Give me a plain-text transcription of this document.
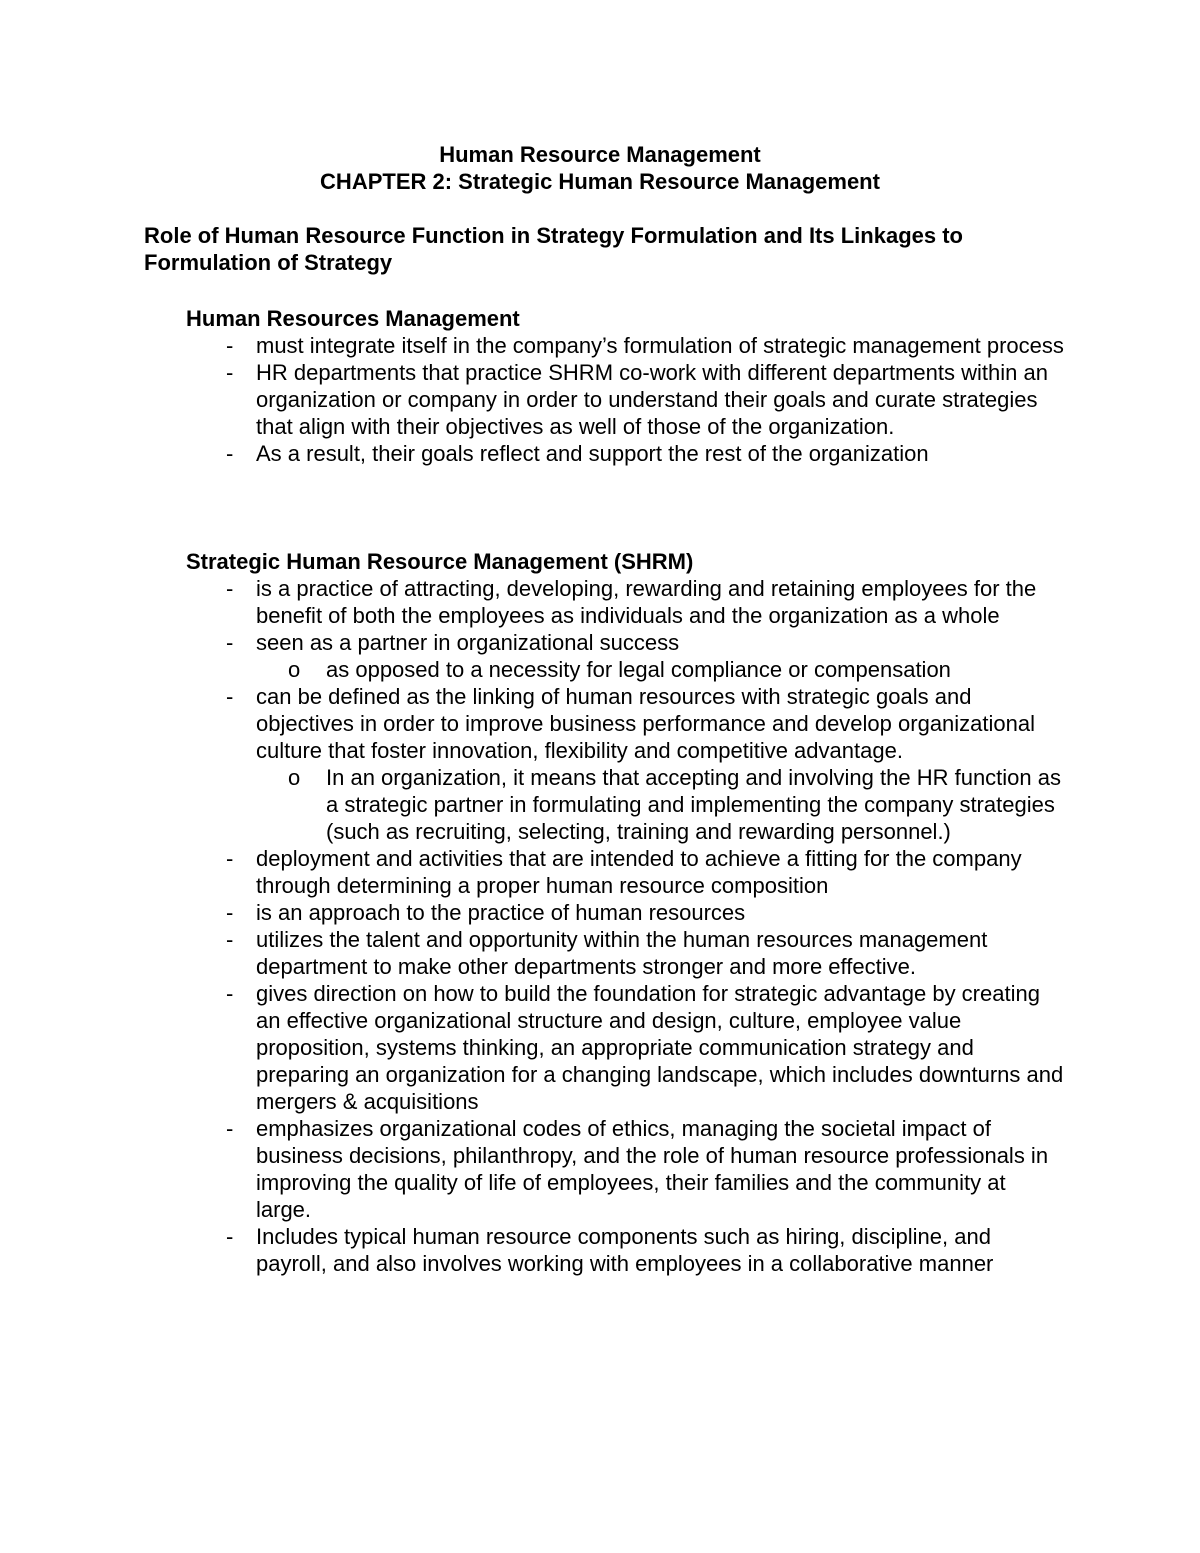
Human Resource Management
CHAPTER 2: Strategic Human Resource Management
Role of Human Resource Function in Strategy Formulation and Its Linkages to Formulation of Strategy

Human Resources Management

- must integrate itself in the company’s formulation of strategic management process
- HR departments that practice SHRM co-work with different departments within an organization or company in order to understand their goals and curate strategies that align with their objectives as well of those of the organization.
- As a result, their goals reflect and support the rest of the organization

Strategic Human Resource Management (SHRM)

- is a practice of attracting, developing, rewarding and retaining employees for the benefit of both the employees as individuals and the organization as a whole
- seen as a partner in organizational success
o as opposed to a necessity for legal compliance or compensation
- can be defined as the linking of human resources with strategic goals and objectives in order to improve business performance and develop organizational culture that foster innovation, flexibility and competitive advantage.
o In an organization, it means that accepting and involving the HR function as a strategic partner in formulating and implementing the company strategies (such as recruiting, selecting, training and rewarding personnel.)
- deployment and activities that are intended to achieve a fitting for the company through determining a proper human resource composition
- is an approach to the practice of human resources
- utilizes the talent and opportunity within the human resources management department to make other departments stronger and more effective.
- gives direction on how to build the foundation for strategic advantage by creating an effective organizational structure and design, culture, employee value proposition, systems thinking, an appropriate communication strategy and preparing an organization for a changing landscape, which includes downturns and mergers & acquisitions
- emphasizes organizational codes of ethics, managing the societal impact of business decisions, philanthropy, and the role of human resource professionals in improving the quality of life of employees, their families and the community at large.
- Includes typical human resource components such as hiring, discipline, and payroll, and also involves working with employees in a collaborative manner
